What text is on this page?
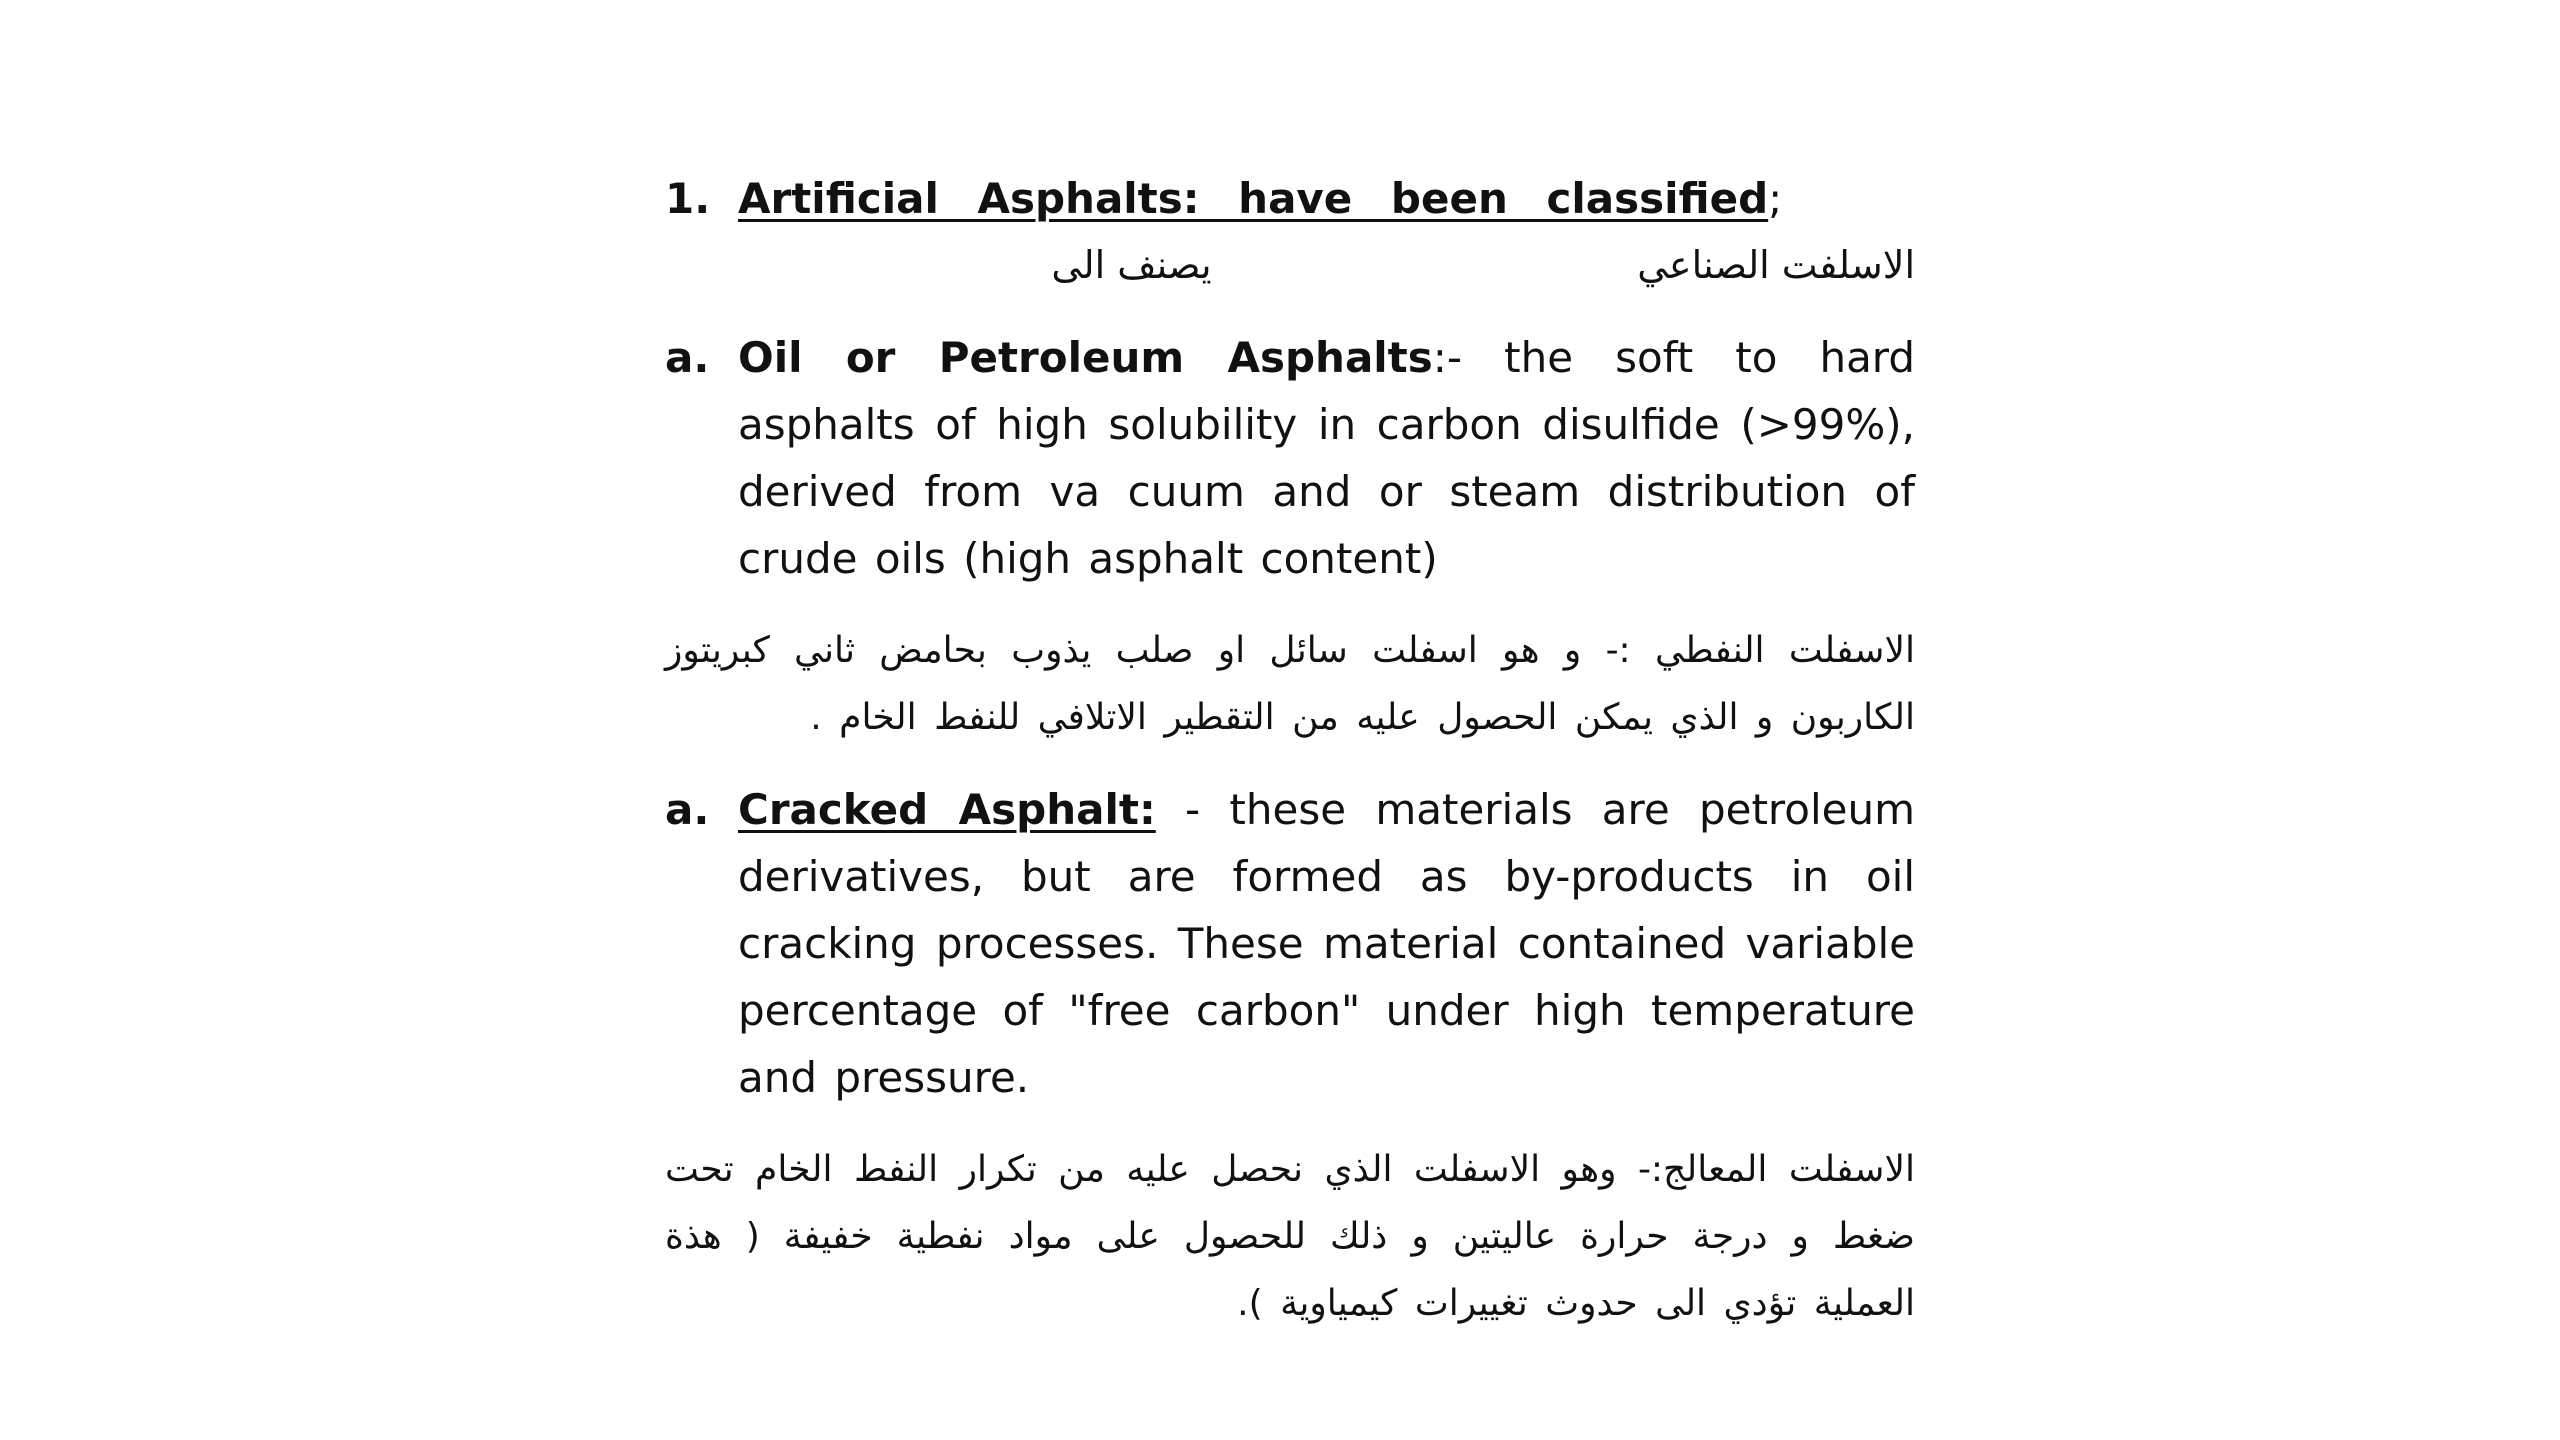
1. Artificial Asphalts: have been classified;
الاسلفت الصناعي
يصنف الى
a. Oil or Petroleum Asphalts:- the soft to hard asphalts of high solubility in carbon disulfide (>99%), derived from va cuum and or steam distribution of crude oils (high asphalt content)
الاسفلت النفطي :- و هو اسفلت سائل او صلب يذوب بحامض ثاني كبريتوز الكاربون و الذي يمكن الحصول عليه من التقطير الاتلافي للنفط الخام .
a. Cracked Asphalt: - these materials are petroleum derivatives, but are formed as by-products in oil cracking processes. These material contained variable percentage of "free carbon" under high temperature and pressure.
الاسفلت المعالج:- وهو الاسفلت الذي نحصل عليه من تكرار النفط الخام تحت ضغط و درجة حرارة عاليتين و ذلك للحصول على مواد نفطية خفيفة ( هذة العملية تؤدي الى حدوث تغييرات كيمياوية ).
